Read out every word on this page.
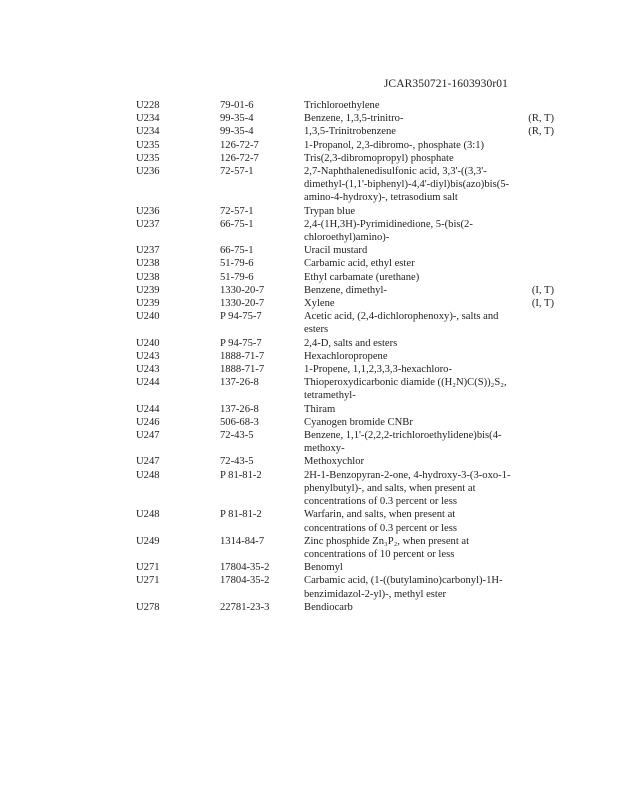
JCAR350721-1603930r01
U228	79-01-6	Trichloroethylene	
U234	99-35-4	Benzene, 1,3,5-trinitro-	(R, T)
U234	99-35-4	1,3,5-Trinitrobenzene	(R, T)
U235	126-72-7	1-Propanol, 2,3-dibromo-, phosphate (3:1)	
U235	126-72-7	Tris(2,3-dibromopropyl) phosphate	
U236	72-57-1	2,7-Naphthalenedisulfonic acid, 3,3'-((3,3'-dimethyl-(1,1'-biphenyl)-4,4'-diyl)bis(azo)bis(5-amino-4-hydroxy)-, tetrasodium salt	
U236	72-57-1	Trypan blue	
U237	66-75-1	2,4-(1H,3H)-Pyrimidinedione, 5-(bis(2-chloroethyl)amino)-	
U237	66-75-1	Uracil mustard	
U238	51-79-6	Carbamic acid, ethyl ester	
U238	51-79-6	Ethyl carbamate (urethane)	
U239	1330-20-7	Benzene, dimethyl-	(I, T)
U239	1330-20-7	Xylene	(I, T)
U240	P 94-75-7	Acetic acid, (2,4-dichlorophenoxy)-, salts and esters	
U240	P 94-75-7	2,4-D, salts and esters	
U243	1888-71-7	Hexachloropropene	
U243	1888-71-7	1-Propene, 1,1,2,3,3,3-hexachloro-	
U244	137-26-8	Thioperoxydicarbonic diamide ((H₂N)C(S))₂S₂, tetramethyl-	
U244	137-26-8	Thiram	
U246	506-68-3	Cyanogen bromide CNBr	
U247	72-43-5	Benzene, 1,1'-(2,2,2-trichloroethylidene)bis(4-methoxy-	
U247	72-43-5	Methoxychlor	
U248	P 81-81-2	2H-1-Benzopyran-2-one, 4-hydroxy-3-(3-oxo-1-phenylbutyl)-, and salts, when present at concentrations of 0.3 percent or less	
U248	P 81-81-2	Warfarin, and salts, when present at concentrations of 0.3 percent or less	
U249	1314-84-7	Zinc phosphide Zn₃P₂, when present at concentrations of 10 percent or less	
U271	17804-35-2	Benomyl	
U271	17804-35-2	Carbamic acid, (1-((butylamino)carbonyl)-1H-benzimidazol-2-yl)-, methyl ester	
U278	22781-23-3	Bendiocarb	
